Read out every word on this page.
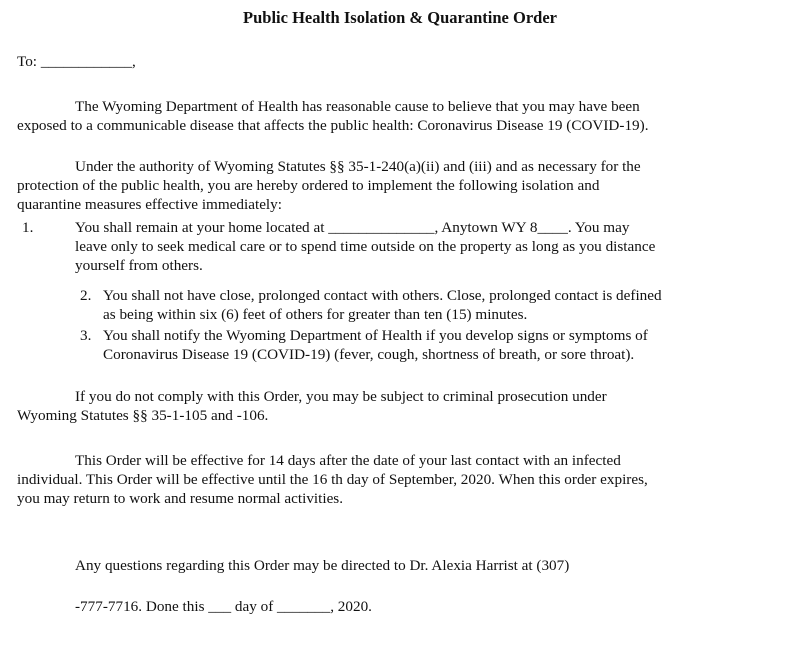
Public Health Isolation & Quarantine Order
To: ____________,
The Wyoming Department of Health has reasonable cause to believe that you may have been
exposed to a communicable disease that affects the public health: Coronavirus Disease 19 (COVID-19).
Under the authority of Wyoming Statutes §§ 35-1-240(a)(ii) and (iii) and as necessary for the
protection of the public health, you are hereby ordered to implement the following isolation and
quarantine measures effective immediately:
1.	You shall remain at your home located at ______________, Anytown WY 8____. You may
leave only to seek medical care or to spend time outside on the property as long as you distance
yourself from others.
2. You shall not have close, prolonged contact with others. Close, prolonged contact is defined
as being within six (6) feet of others for greater than ten (15) minutes.
3. You shall notify the Wyoming Department of Health if you develop signs or symptoms of
Coronavirus Disease 19 (COVID-19) (fever, cough, shortness of breath, or sore throat).
If you do not comply with this Order, you may be subject to criminal prosecution under
Wyoming Statutes §§ 35-1-105 and -106.
This Order will be effective for 14 days after the date of your last contact with an infected
individual. This Order will be effective until the 16 th day of September, 2020. When this order expires,
you may return to work and resume normal activities.
Any questions regarding this Order may be directed to Dr. Alexia Harrist at (307)
-777-7716. Done this ___ day of _______, 2020.
